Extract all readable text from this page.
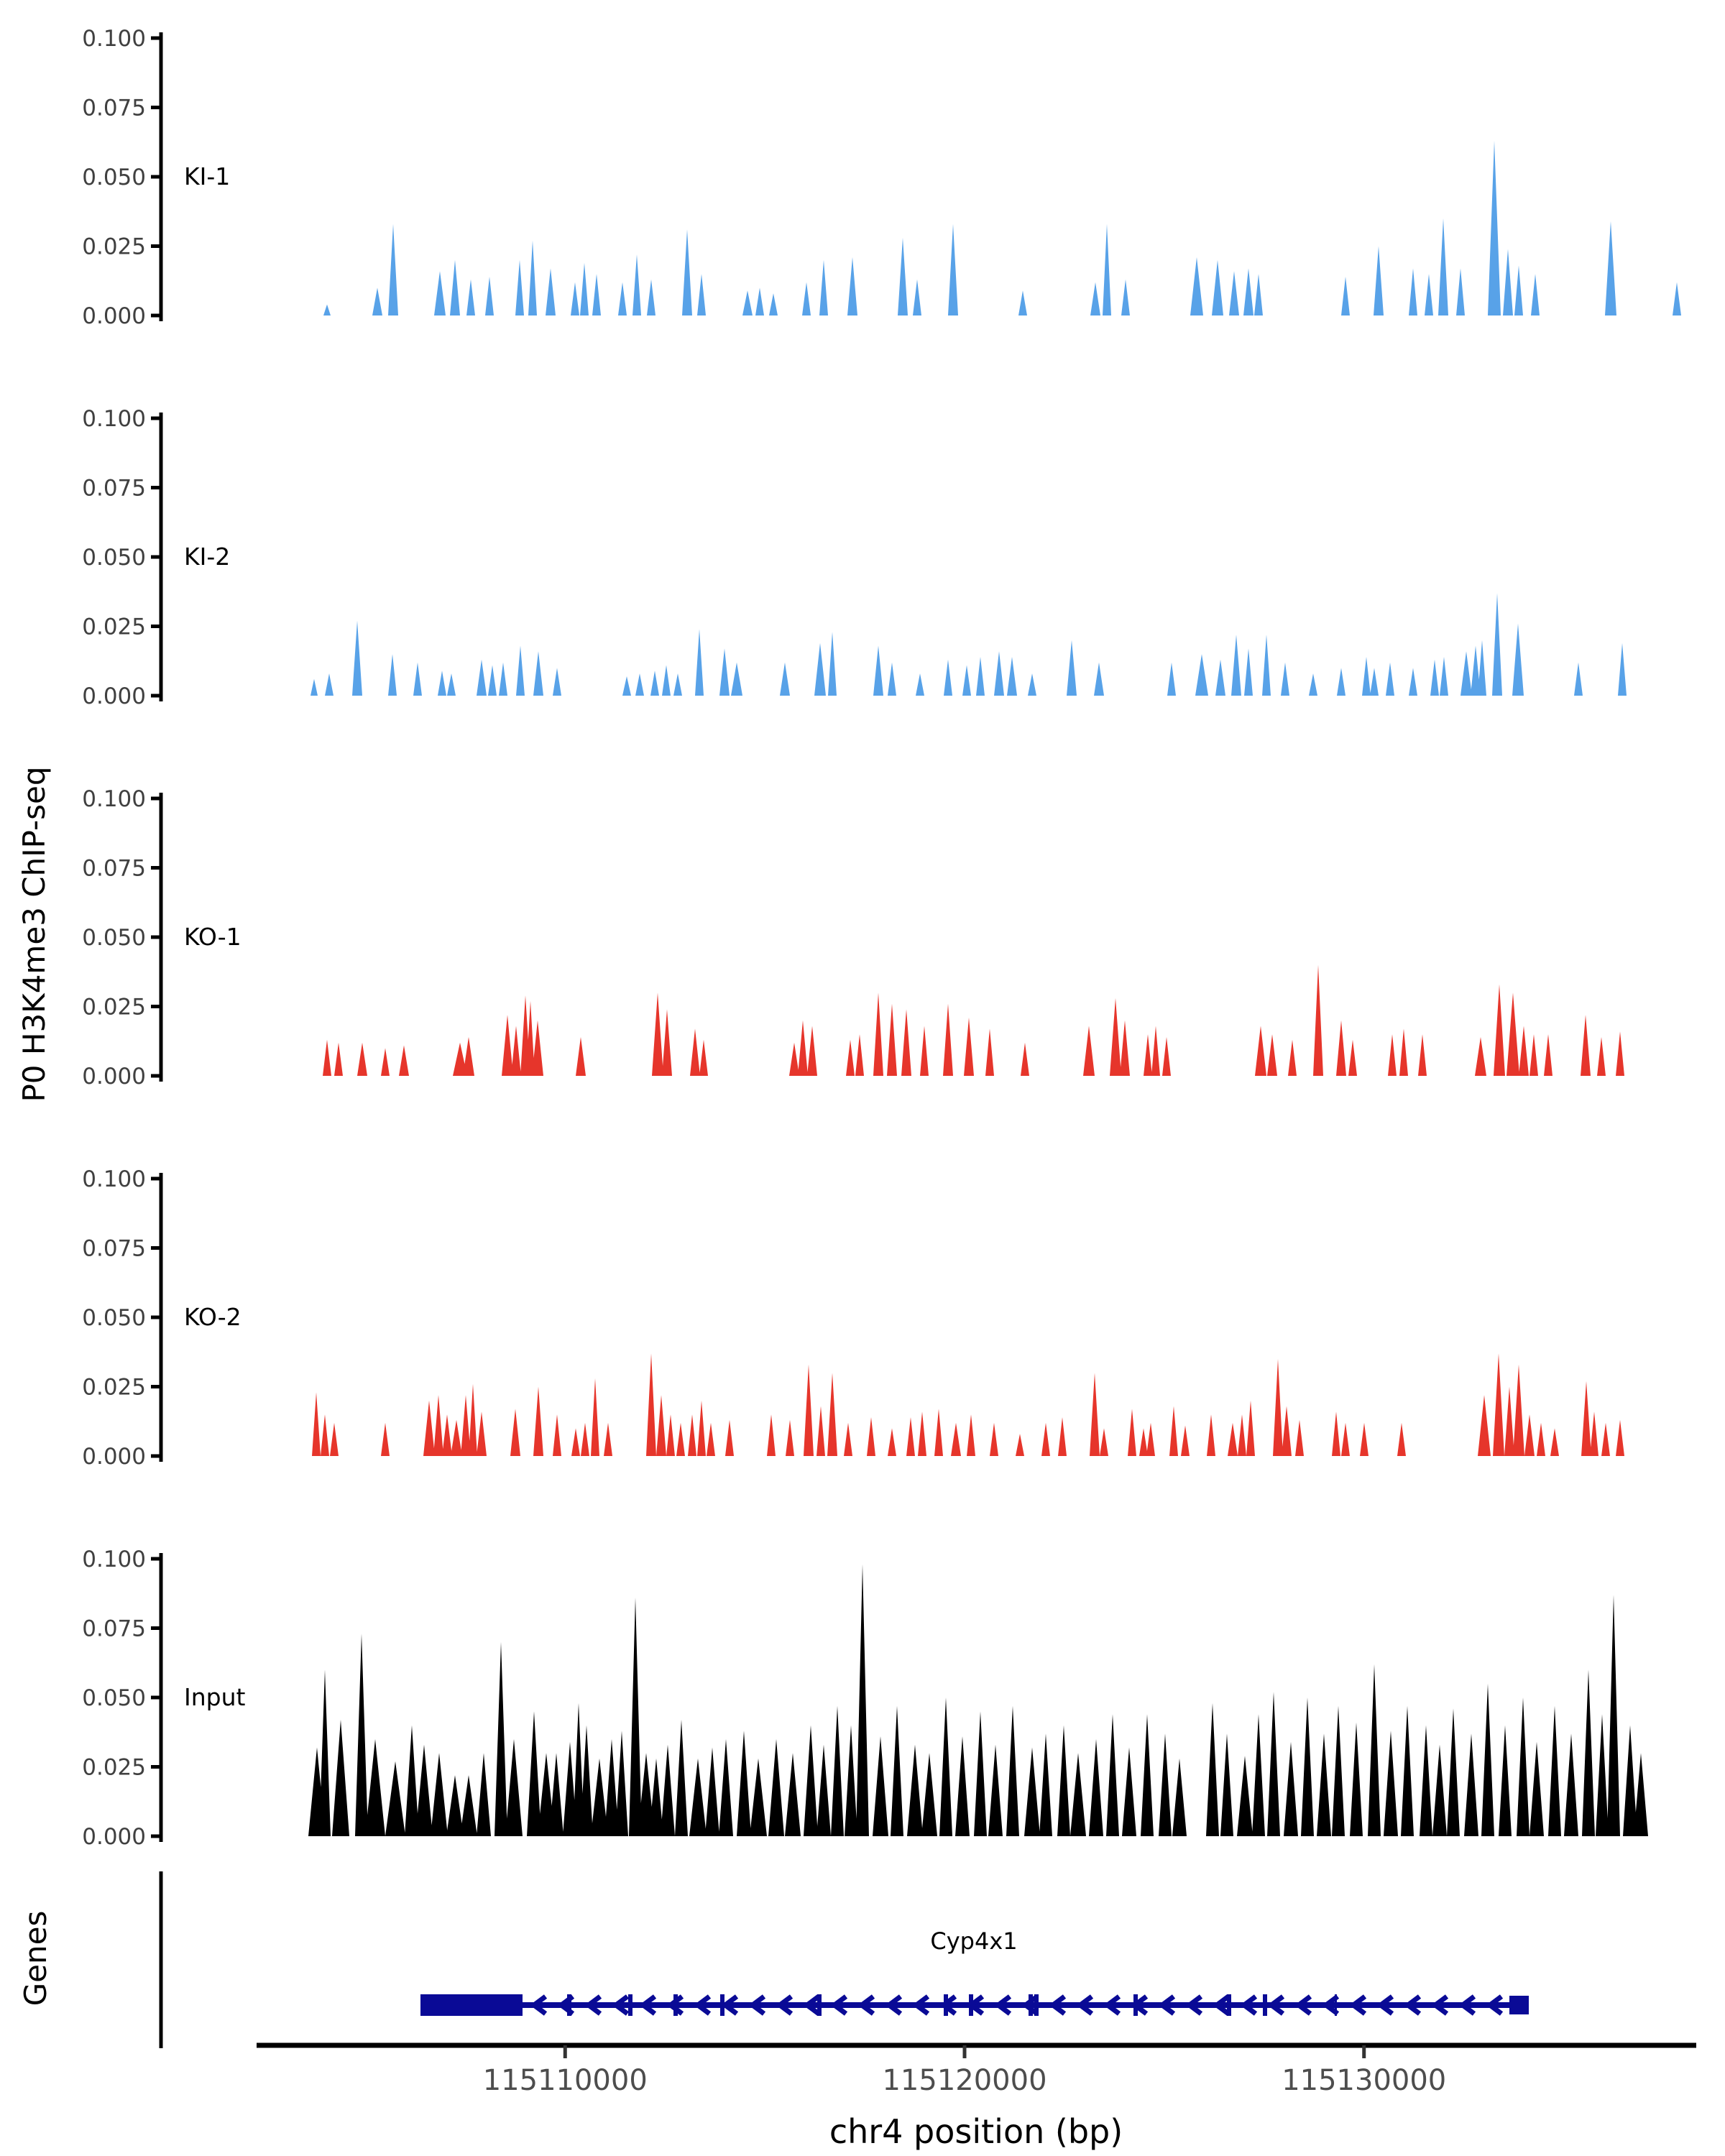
0.100
0.075
0.050
0.025
0.000
KI-1
0.100
0.075
0.050
0.025
0.000
KI-2
0.100
0.075
0.050
0.025
0.000
KO-1
0.100
0.075
0.050
0.025
0.000
KO-2
0.100
0.075
0.050
0.025
0.000
Input
115110000	115120000	115130000
P0 H3K4me3 ChIP-seq
Genes
chr4 position (bp)
Cyp4x1
